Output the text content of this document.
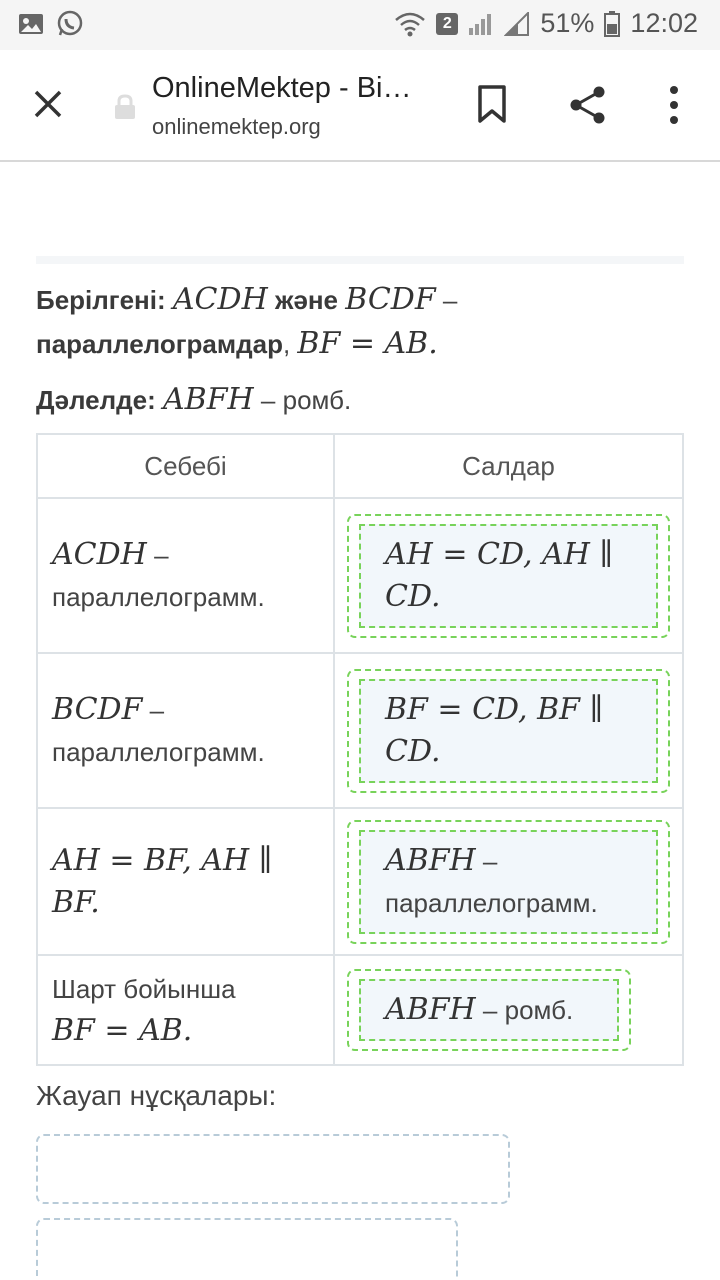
2	51% 12:02
OnlineMektep - Bi…
onlinemektep.org
Берілгені: ACDH және BCDF –
параллелограмдар, BF = AB.
Дәлелде: ABFH – ромб.
Себебі	Салдар
ACDH – параллелограмм.	AH = CD, AH ∥ CD.

BCDF – параллелограмм.	BF = CD, BF ∥ CD.

AH = BF, AH ∥ BF.	ABFH – параллелограмм.

Шарт бойынша
BF = AB.	ABFH – ромб.
Жауап нұсқалары:
